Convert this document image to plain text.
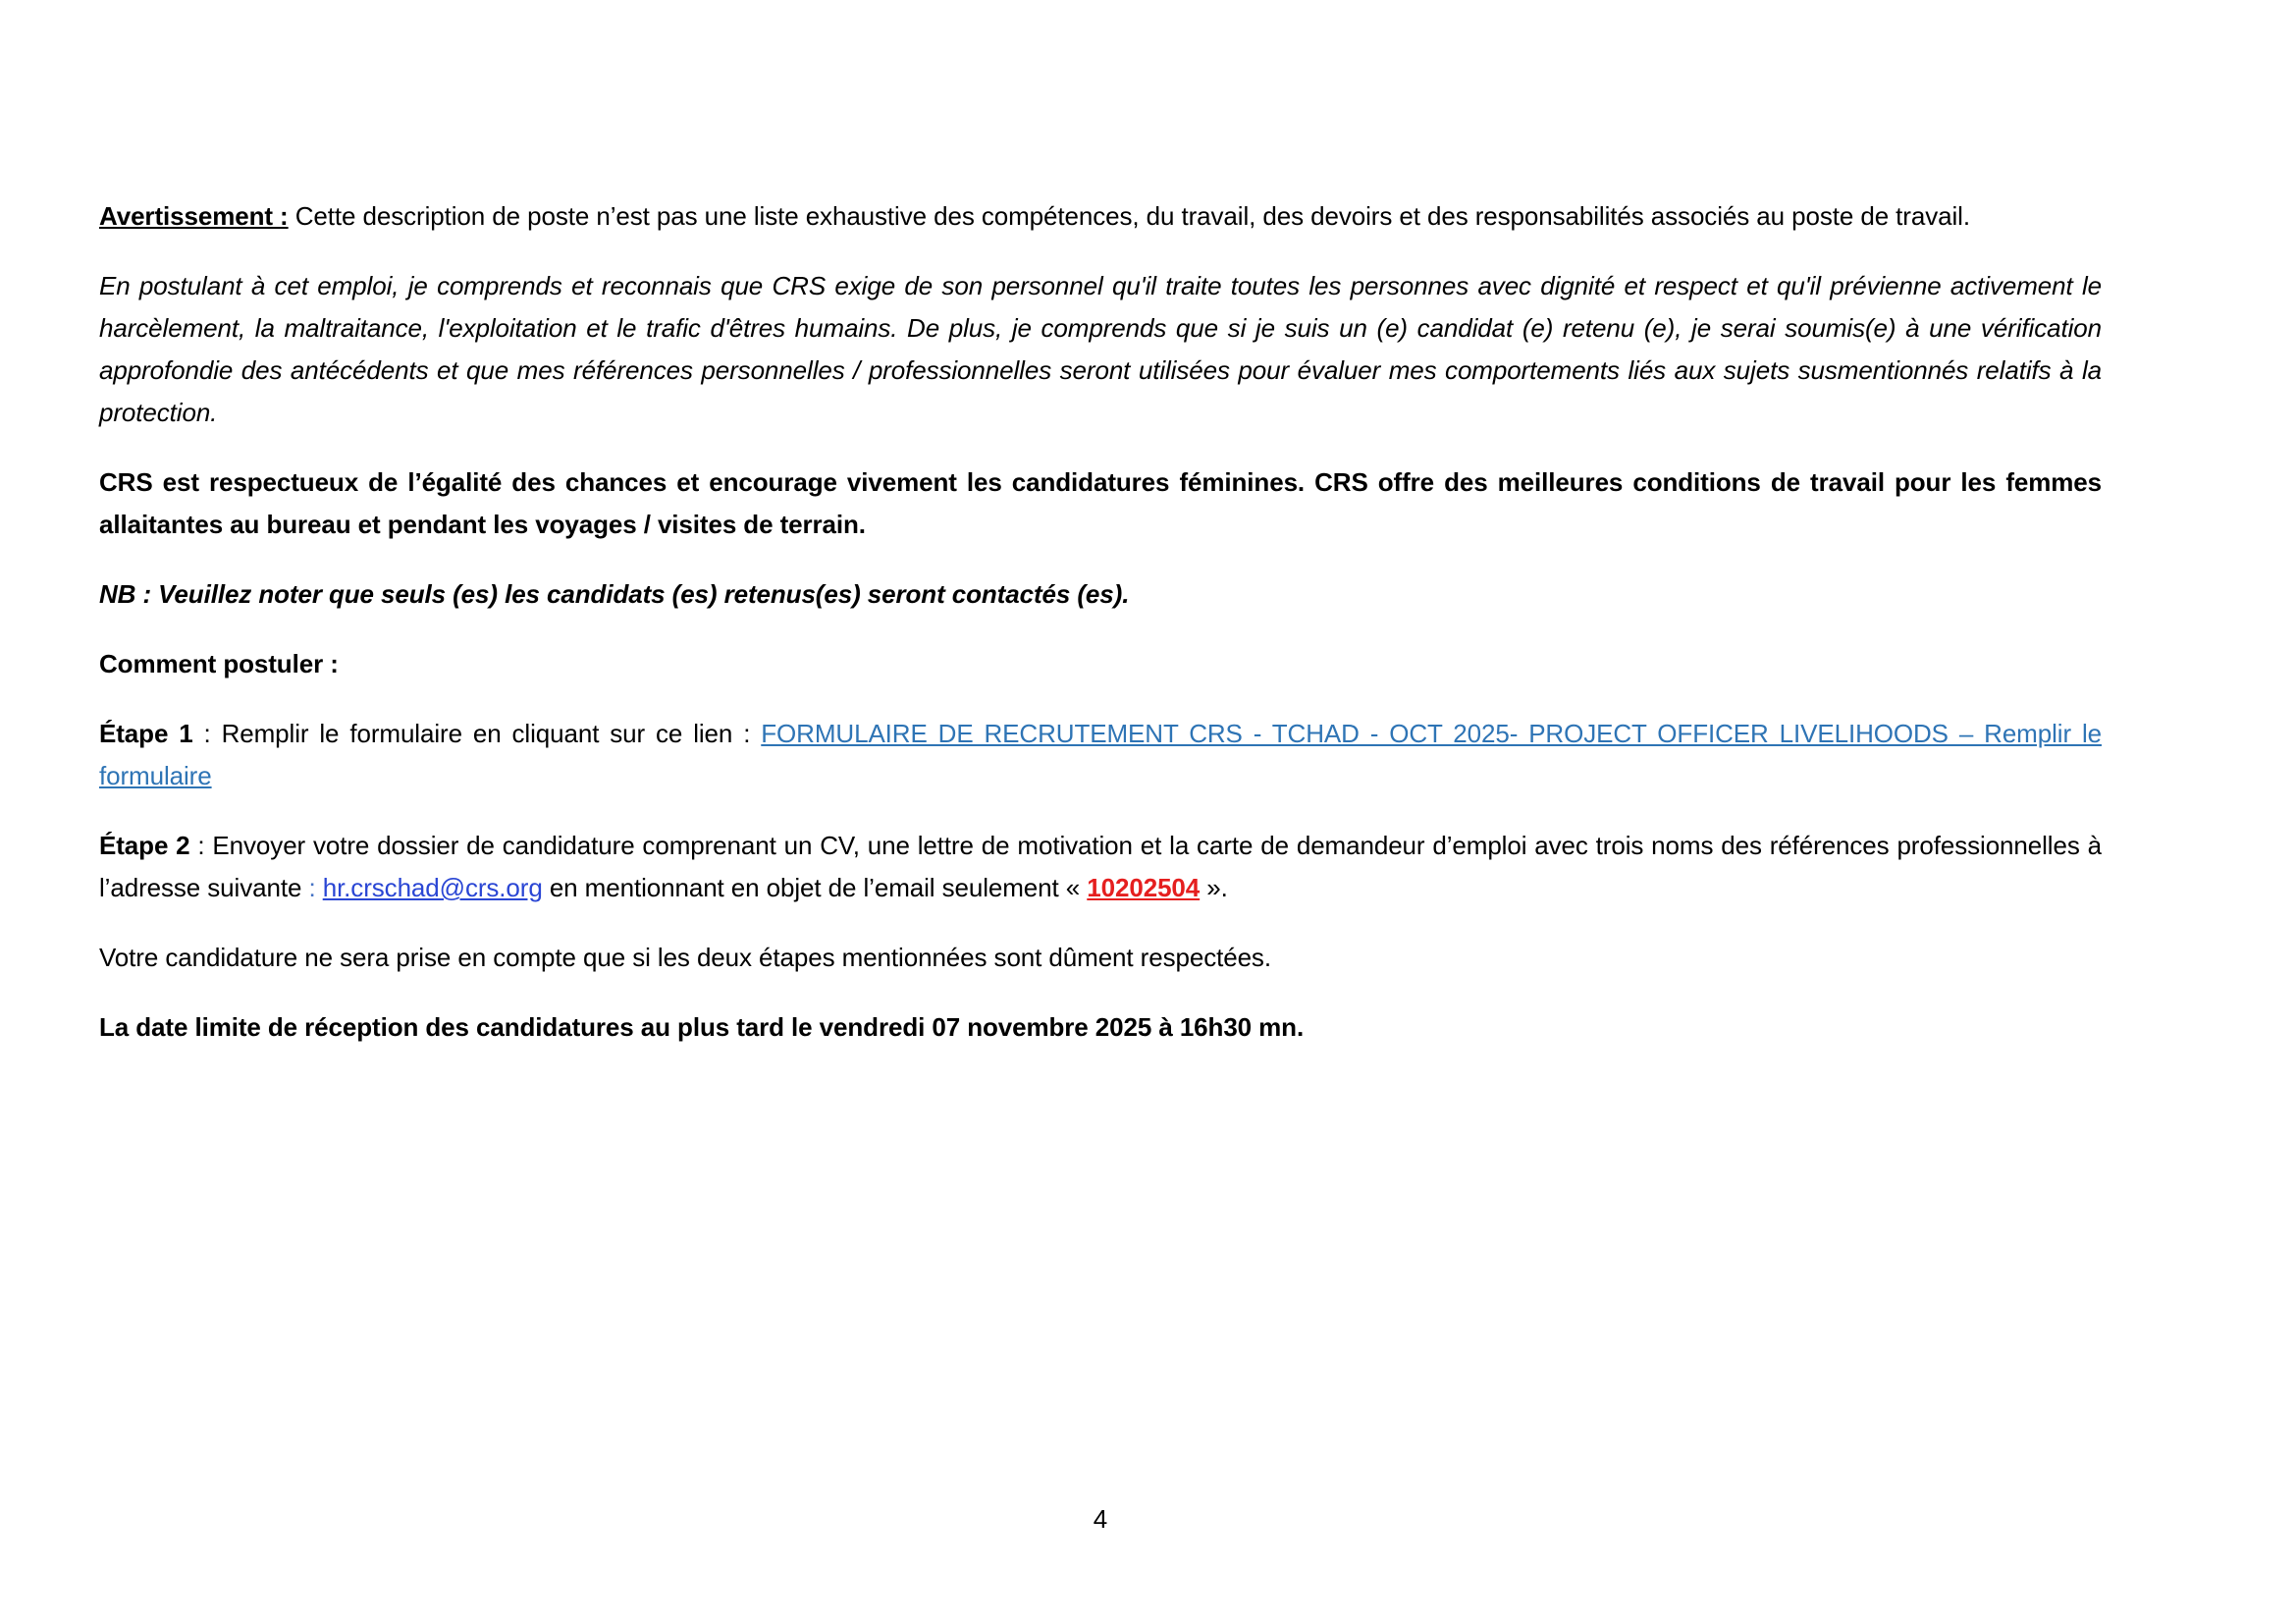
Avertissement : Cette description de poste n’est pas une liste exhaustive des compétences, du travail, des devoirs et des responsabilités associés au poste de travail.

En postulant à cet emploi, je comprends et reconnais que CRS exige de son personnel qu'il traite toutes les personnes avec dignité et respect et qu'il prévienne activement le harcèlement, la maltraitance, l'exploitation et le trafic d'êtres humains. De plus, je comprends que si je suis un (e) candidat (e) retenu (e), je serai soumis(e) à une vérification approfondie des antécédents et que mes références personnelles / professionnelles seront utilisées pour évaluer mes comportements liés aux sujets susmentionnés relatifs à la protection.

CRS est respectueux de l’égalité des chances et encourage vivement les candidatures féminines. CRS offre des meilleures conditions de travail pour les femmes allaitantes au bureau et pendant les voyages / visites de terrain.

NB : Veuillez noter que seuls (es) les candidats (es) retenus(es) seront contactés (es).

Comment postuler :

Étape 1 : Remplir le formulaire en cliquant sur ce lien : FORMULAIRE DE RECRUTEMENT CRS - TCHAD - OCT 2025- PROJECT OFFICER LIVELIHOODS – Remplir le formulaire

Étape 2 : Envoyer votre dossier de candidature comprenant un CV, une lettre de motivation et la carte de demandeur d’emploi avec trois noms des références professionnelles à l’adresse suivante : hr.crschad@crs.org en mentionnant en objet de l’email seulement « 10202504 ».

Votre candidature ne sera prise en compte que si les deux étapes mentionnées sont dûment respectées.

La date limite de réception des candidatures au plus tard le vendredi 07 novembre 2025 à 16h30 mn.

4
